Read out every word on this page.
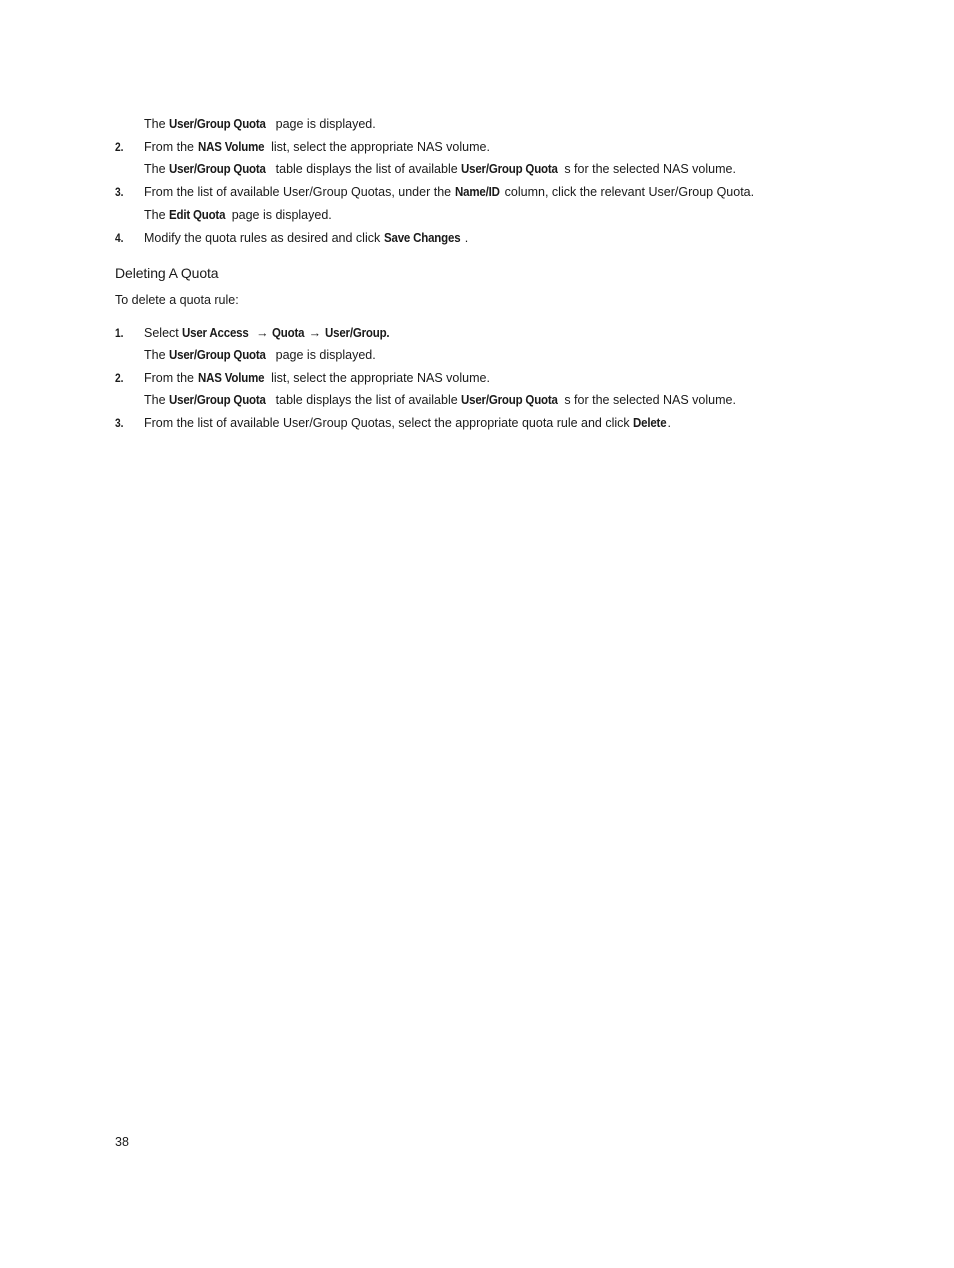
The User/Group Quota page is displayed.
2. From the NAS Volume list, select the appropriate NAS volume.
The User/Group Quota table displays the list of available User/Group Quota s for the selected NAS volume.
3. From the list of available User/Group Quotas, under the Name/ID column, click the relevant User/Group Quota.
The Edit Quota page is displayed.
4. Modify the quota rules as desired and click Save Changes .
Deleting A Quota
To delete a quota rule:
1. Select User Access → Quota → User/Group.
The User/Group Quota page is displayed.
2. From the NAS Volume list, select the appropriate NAS volume.
The User/Group Quota table displays the list of available User/Group Quota s for the selected NAS volume.
3. From the list of available User/Group Quotas, select the appropriate quota rule and click Delete.
38
